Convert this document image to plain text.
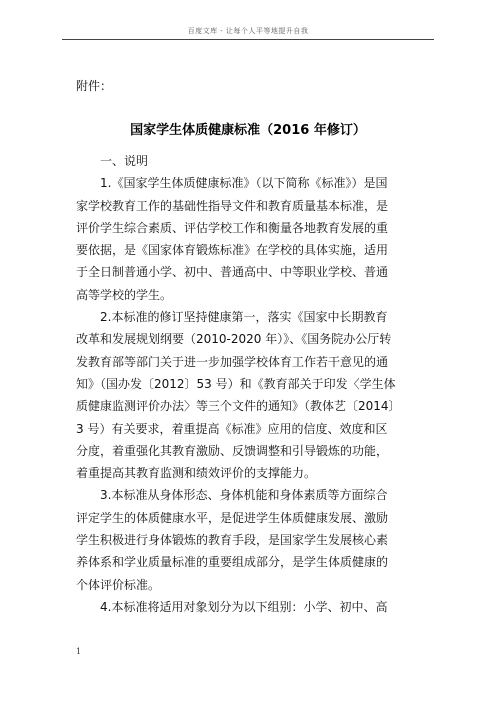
百度文库 - 让每个人平等地提升自我
附件：
国家学生体质健康标准（2016 年修订）

一、说明

1.《国家学生体质健康标准》（以下简称《标准》）是国
家学校教育工作的基础性指导文件和教育质量基本标准，是
评价学生综合素质、评估学校工作和衡量各地教育发展的重
要依据，是《国家体育锻炼标准》在学校的具体实施，适用
于全日制普通小学、初中、普通高中、中等职业学校、普通
高等学校的学生。
2.本标准的修订坚持健康第一，落实《国家中长期教育
改革和发展规划纲要（2010-2020 年）》、《国务院办公厅转
发教育部等部门关于进一步加强学校体育工作若干意见的通
知》（国办发〔2012〕53 号）和《教育部关于印发〈学生体
质健康监测评价办法〉等三个文件的通知》（教体艺〔2014〕
3 号）有关要求，着重提高《标准》应用的信度、效度和区
分度，着重强化其教育激励、反馈调整和引导锻炼的功能，
着重提高其教育监测和绩效评价的支撑能力。
3.本标准从身体形态、身体机能和身体素质等方面综合
评定学生的体质健康水平，是促进学生体质健康发展、激励
学生积极进行身体锻炼的教育手段，是国家学生发展核心素
养体系和学业质量标准的重要组成部分，是学生体质健康的
个体评价标准。
4.本标准将适用对象划分为以下组别：小学、初中、高
1
